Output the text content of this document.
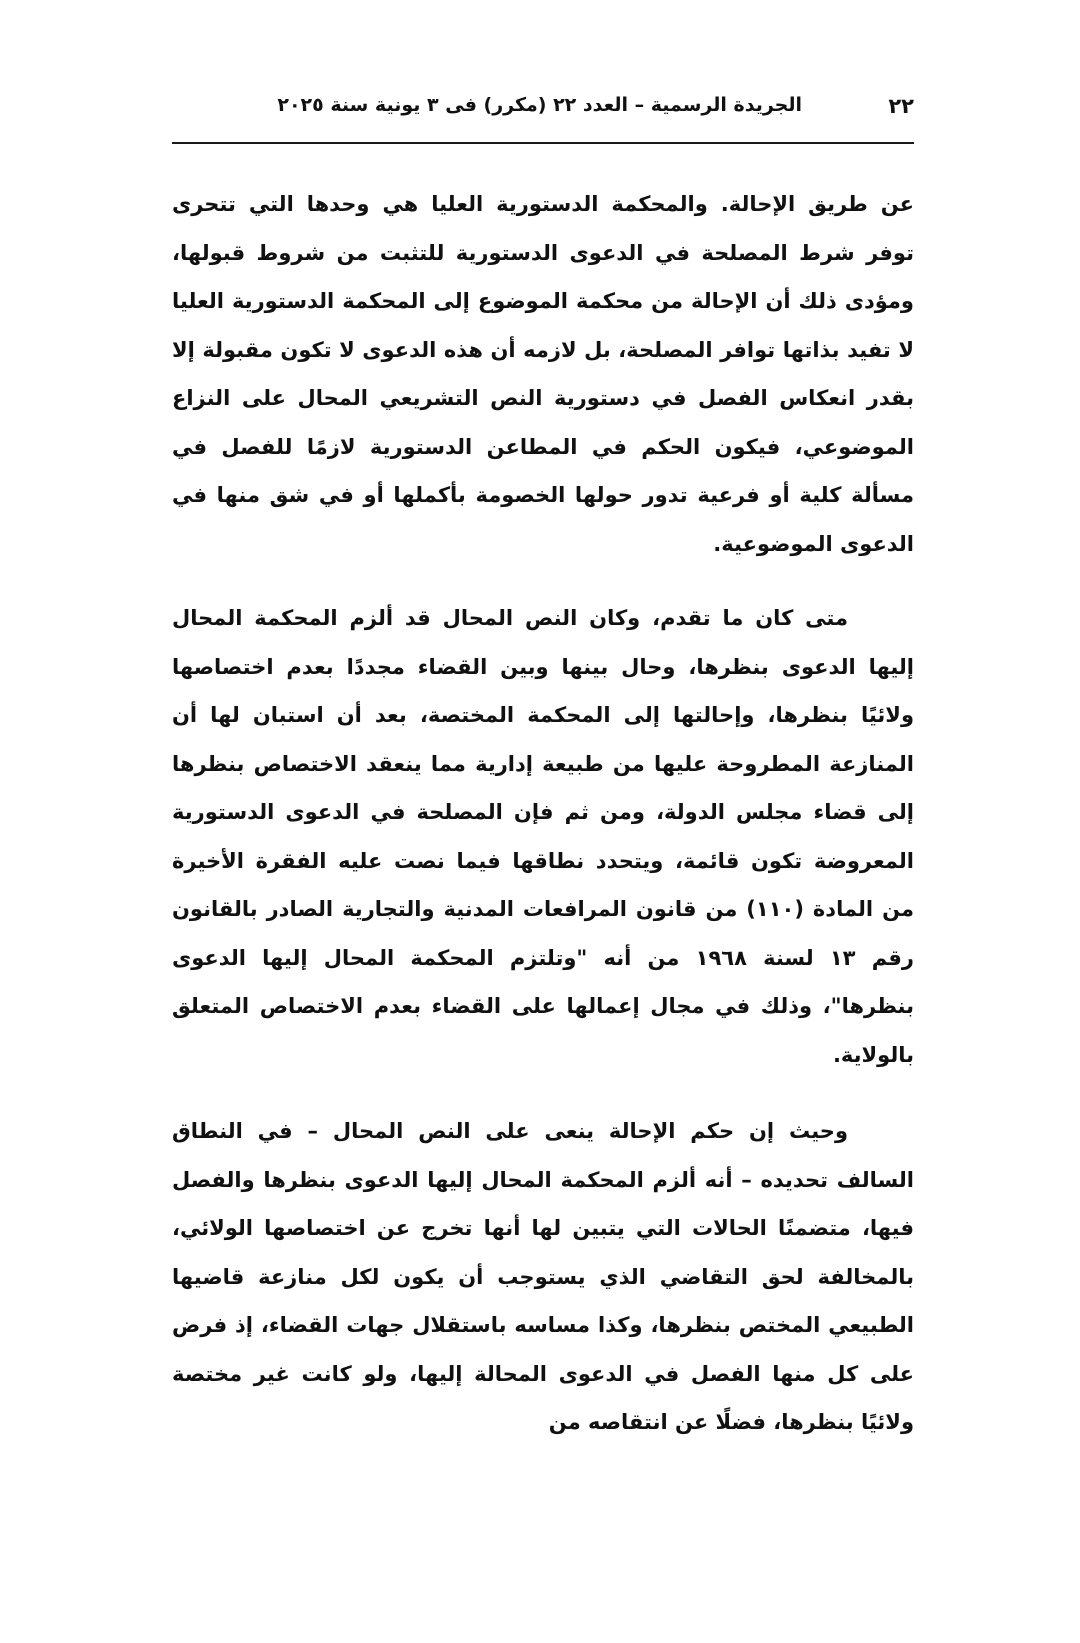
٢٢
الجريدة الرسمية – العدد ٢٢ (مكرر) فى ٣ يونية سنة ٢٠٢٥

عن طريق الإحالة. والمحكمة الدستورية العليا هي وحدها التي تتحرى توفر شرط المصلحة في الدعوى الدستورية للتثبت من شروط قبولها، ومؤدى ذلك أن الإحالة من محكمة الموضوع إلى المحكمة الدستورية العليا لا تفيد بذاتها توافر المصلحة، بل لازمه أن هذه الدعوى لا تكون مقبولة إلا بقدر انعكاس الفصل في دستورية النص التشريعي المحال على النزاع الموضوعي، فيكون الحكم في المطاعن الدستورية لازمًا للفصل في مسألة كلية أو فرعية تدور حولها الخصومة بأكملها أو في شق منها في الدعوى الموضوعية.

متى كان ما تقدم، وكان النص المحال قد ألزم المحكمة المحال إليها الدعوى بنظرها، وحال بينها وبين القضاء مجددًا بعدم اختصاصها ولائيًا بنظرها، وإحالتها إلى المحكمة المختصة، بعد أن استبان لها أن المنازعة المطروحة عليها من طبيعة إدارية مما ينعقد الاختصاص بنظرها إلى قضاء مجلس الدولة، ومن ثم فإن المصلحة في الدعوى الدستورية المعروضة تكون قائمة، ويتحدد نطاقها فيما نصت عليه الفقرة الأخيرة من المادة (١١٠) من قانون المرافعات المدنية والتجارية الصادر بالقانون رقم ١٣ لسنة ١٩٦٨ من أنه "وتلتزم المحكمة المحال إليها الدعوى بنظرها"، وذلك في مجال إعمالها على القضاء بعدم الاختصاص المتعلق بالولاية.

وحيث إن حكم الإحالة ينعى على النص المحال – في النطاق السالف تحديده – أنه ألزم المحكمة المحال إليها الدعوى بنظرها والفصل فيها، متضمنًا الحالات التي يتبين لها أنها تخرج عن اختصاصها الولائي، بالمخالفة لحق التقاضي الذي يستوجب أن يكون لكل منازعة قاضيها الطبيعي المختص بنظرها، وكذا مساسه باستقلال جهات القضاء، إذ فرض على كل منها الفصل في الدعوى المحالة إليها، ولو كانت غير مختصة ولائيًا بنظرها، فضلًا عن انتقاصه من
